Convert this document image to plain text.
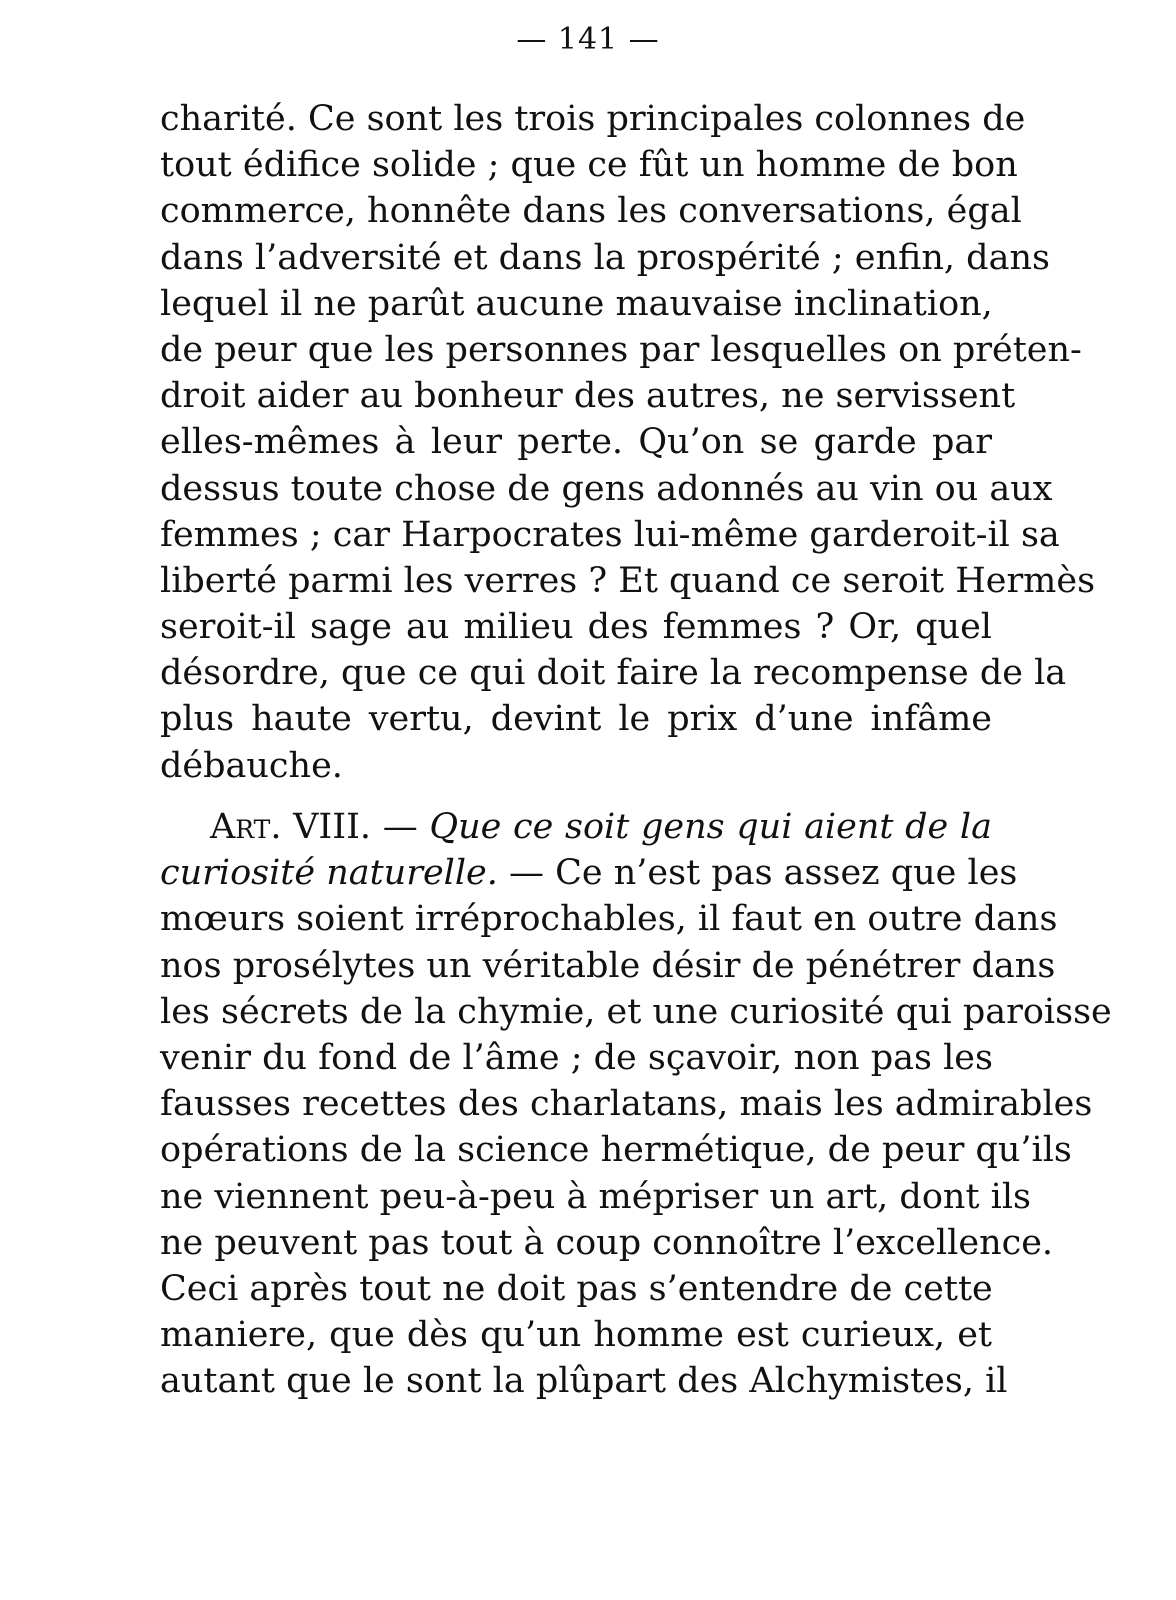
— 141 —
charité. Ce sont les trois principales colonnes de
tout édifice solide ; que ce fût un homme de bon
commerce, honnête dans les conversations, égal
dans l’adversité et dans la prospérité ; enfin, dans
lequel il ne parût aucune mauvaise inclination,
de peur que les personnes par lesquelles on préten-
droit aider au bonheur des autres, ne servissent
elles-mêmes à leur perte. Qu’on se garde par
dessus toute chose de gens adonnés au vin ou aux
femmes ; car Harpocrates lui-même garderoit-il sa
liberté parmi les verres ? Et quand ce seroit Hermès
seroit-il sage au milieu des femmes ? Or, quel
désordre, que ce qui doit faire la recompense de la
plus haute vertu, devint le prix d’une infâme
débauche.
Art. VIII. — Que ce soit gens qui aient de la
curiosité naturelle. — Ce n’est pas assez que les
mœurs soient irréprochables, il faut en outre dans
nos prosélytes un véritable désir de pénétrer dans
les sécrets de la chymie, et une curiosité qui paroisse
venir du fond de l’âme ; de sçavoir, non pas les
fausses recettes des charlatans, mais les admirables
opérations de la science hermétique, de peur qu’ils
ne viennent peu-à-peu à mépriser un art, dont ils
ne peuvent pas tout à coup connoître l’excellence.
Ceci après tout ne doit pas s’entendre de cette
maniere, que dès qu’un homme est curieux, et
autant que le sont la plûpart des Alchymistes, il
